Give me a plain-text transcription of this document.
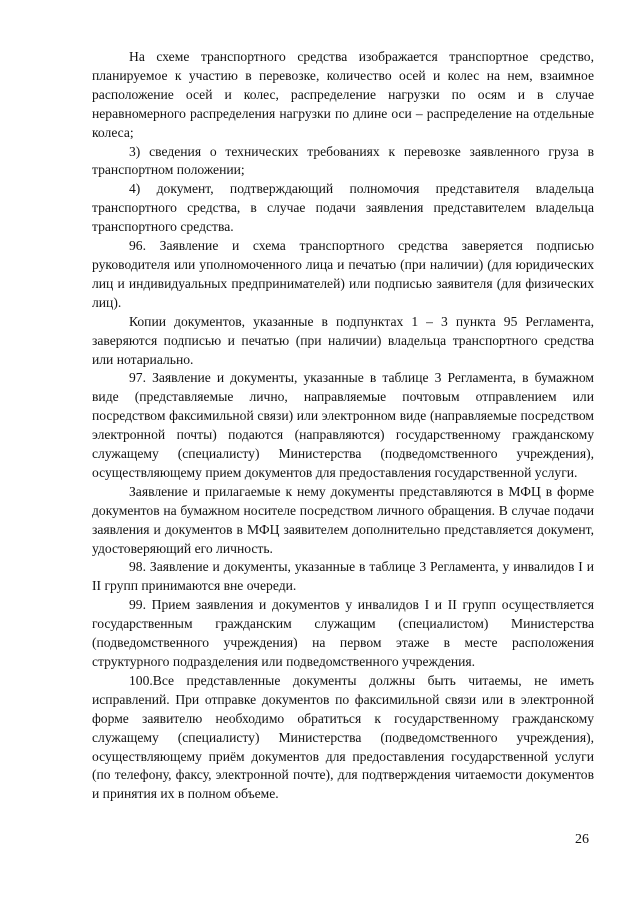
На схеме транспортного средства изображается транспортное средство, планируемое к участию в перевозке, количество осей и колес на нем, взаимное расположение осей и колес, распределение нагрузки по осям и в случае неравномерного распределения нагрузки по длине оси – распределение на отдельные колеса;

3) сведения о технических требованиях к перевозке заявленного груза в транспортном положении;

4) документ, подтверждающий полномочия представителя владельца транспортного средства, в случае подачи заявления представителем владельца транспортного средства.

96. Заявление и схема транспортного средства заверяется подписью руководителя или уполномоченного лица и печатью (при наличии) (для юридических лиц и индивидуальных предпринимателей) или подписью заявителя (для физических лиц).

Копии документов, указанные в подпунктах 1 – 3 пункта 95 Регламента, заверяются подписью и печатью (при наличии) владельца транспортного средства или нотариально.

97. Заявление и документы, указанные в таблице 3 Регламента, в бумажном виде (представляемые лично, направляемые почтовым отправлением или посредством факсимильной связи) или электронном виде (направляемые посредством электронной почты) подаются (направляются) государственному гражданскому служащему (специалисту) Министерства (подведомственного учреждения), осуществляющему прием документов для предоставления государственной услуги.

Заявление и прилагаемые к нему документы представляются в МФЦ в форме документов на бумажном носителе посредством личного обращения. В случае подачи заявления и документов в МФЦ заявителем дополнительно представляется документ, удостоверяющий его личность.

98. Заявление и документы, указанные в таблице 3 Регламента, у инвалидов I и II групп принимаются вне очереди.

99. Прием заявления и документов у инвалидов I и II групп осуществляется государственным гражданским служащим (специалистом) Министерства (подведомственного учреждения) на первом этаже в месте расположения структурного подразделения или подведомственного учреждения.

100.Все представленные документы должны быть читаемы, не иметь исправлений. При отправке документов по факсимильной связи или в электронной форме заявителю необходимо обратиться к государственному гражданскому служащему (специалисту) Министерства (подведомственного учреждения), осуществляющему приём документов для предоставления государственной услуги (по телефону, факсу, электронной почте), для подтверждения читаемости документов и принятия их в полном объеме.

26
